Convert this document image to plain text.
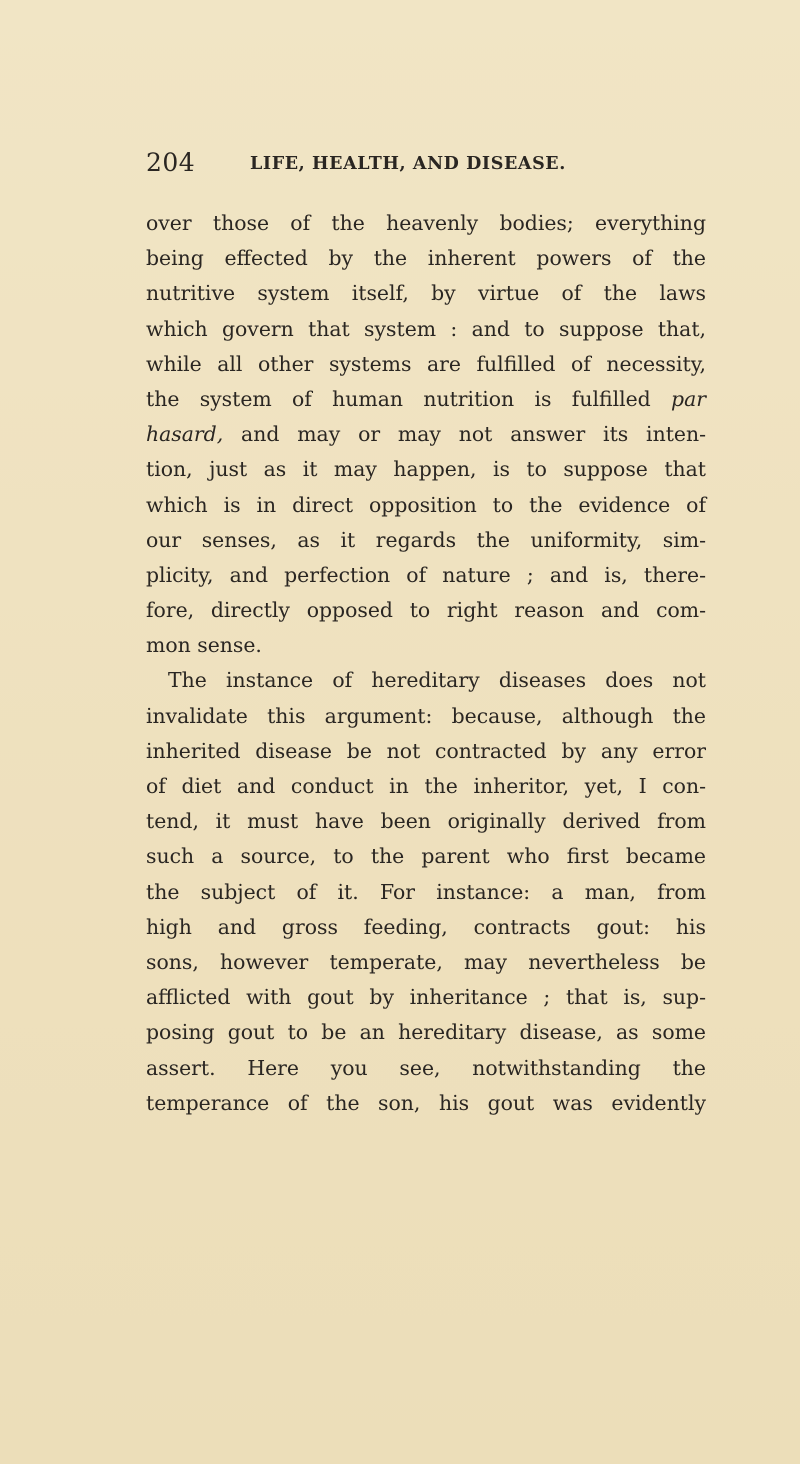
204	LIFE, HEALTH, AND DISEASE.
over those of the heavenly bodies; everything
being effected by the inherent powers of the
nutritive system itself, by virtue of the laws
which govern that system : and to suppose that,
while all other systems are fulfilled of necessity,
the system of human nutrition is fulfilled par
hasard, and may or may not answer its inten-
tion, just as it may happen, is to suppose that
which is in direct opposition to the evidence of
our senses, as it regards the uniformity, sim-
plicity, and perfection of nature ; and is, there-
fore, directly opposed to right reason and com-
mon sense.
The instance of hereditary diseases does not
invalidate this argument: because, although the
inherited disease be not contracted by any error
of diet and conduct in the inheritor, yet, I con-
tend, it must have been originally derived from
such a source, to the parent who first became
the subject of it. For instance: a man, from
high and gross feeding, contracts gout: his
sons, however temperate, may nevertheless be
afflicted with gout by inheritance ; that is, sup-
posing gout to be an hereditary disease, as some
assert. Here you see, notwithstanding the
temperance of the son, his gout was evidently
